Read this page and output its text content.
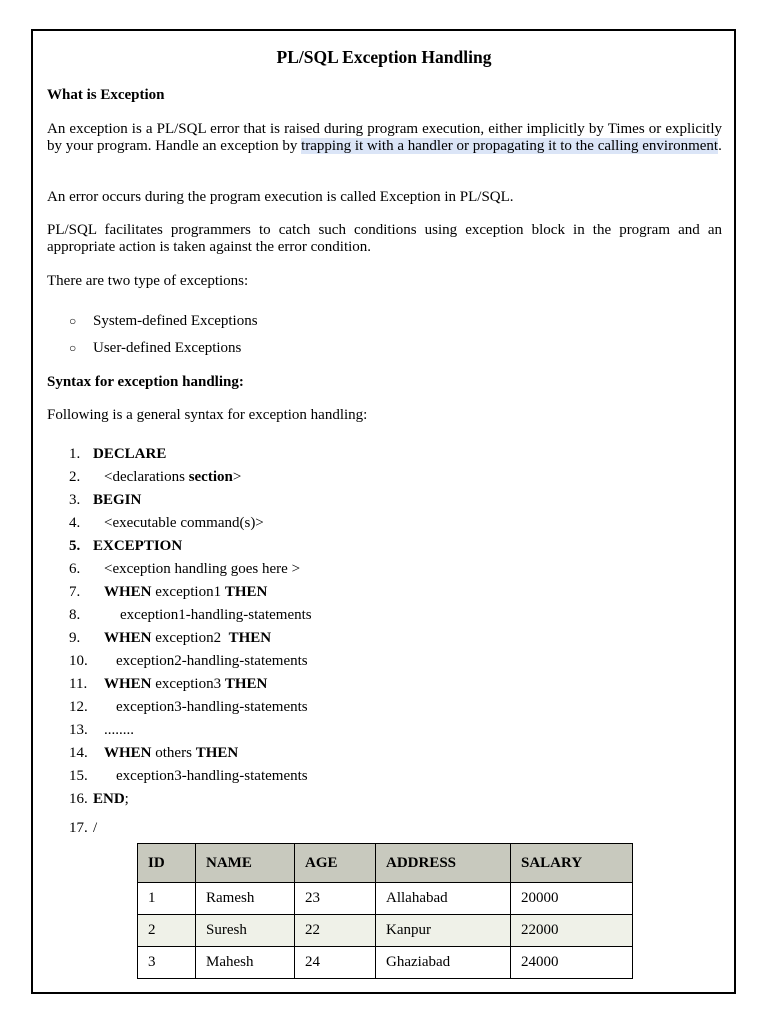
PL/SQL Exception Handling
What is Exception
An exception is a PL/SQL error that is raised during program execution, either implicitly by Times or explicitly by your program. Handle an exception by trapping it with a handler or propagating it to the calling environment.
An error occurs during the program execution is called Exception in PL/SQL.
PL/SQL facilitates programmers to catch such conditions using exception block in the program and an appropriate action is taken against the error condition.
There are two type of exceptions:
○ System-defined Exceptions
○ User-defined Exceptions
Syntax for exception handling:
Following is a general syntax for exception handling:
1. DECLARE
2. <declarations section>
3. BEGIN
4. <executable command(s)>
5. EXCEPTION
6. <exception handling goes here >
7. WHEN exception1 THEN
8.	exception1-handling-statements
9. WHEN exception2  THEN
10. exception2-handling-statements
11. WHEN exception3 THEN
12. exception3-handling-statements
13. ........
14. WHEN others THEN
15. exception3-handling-statements
16. END;
17. /
ID	NAME	AGE	ADDRESS	SALARY
1	Ramesh	23	Allahabad	20000
2	Suresh	22	Kanpur	22000
3	Mahesh	24	Ghaziabad	24000
